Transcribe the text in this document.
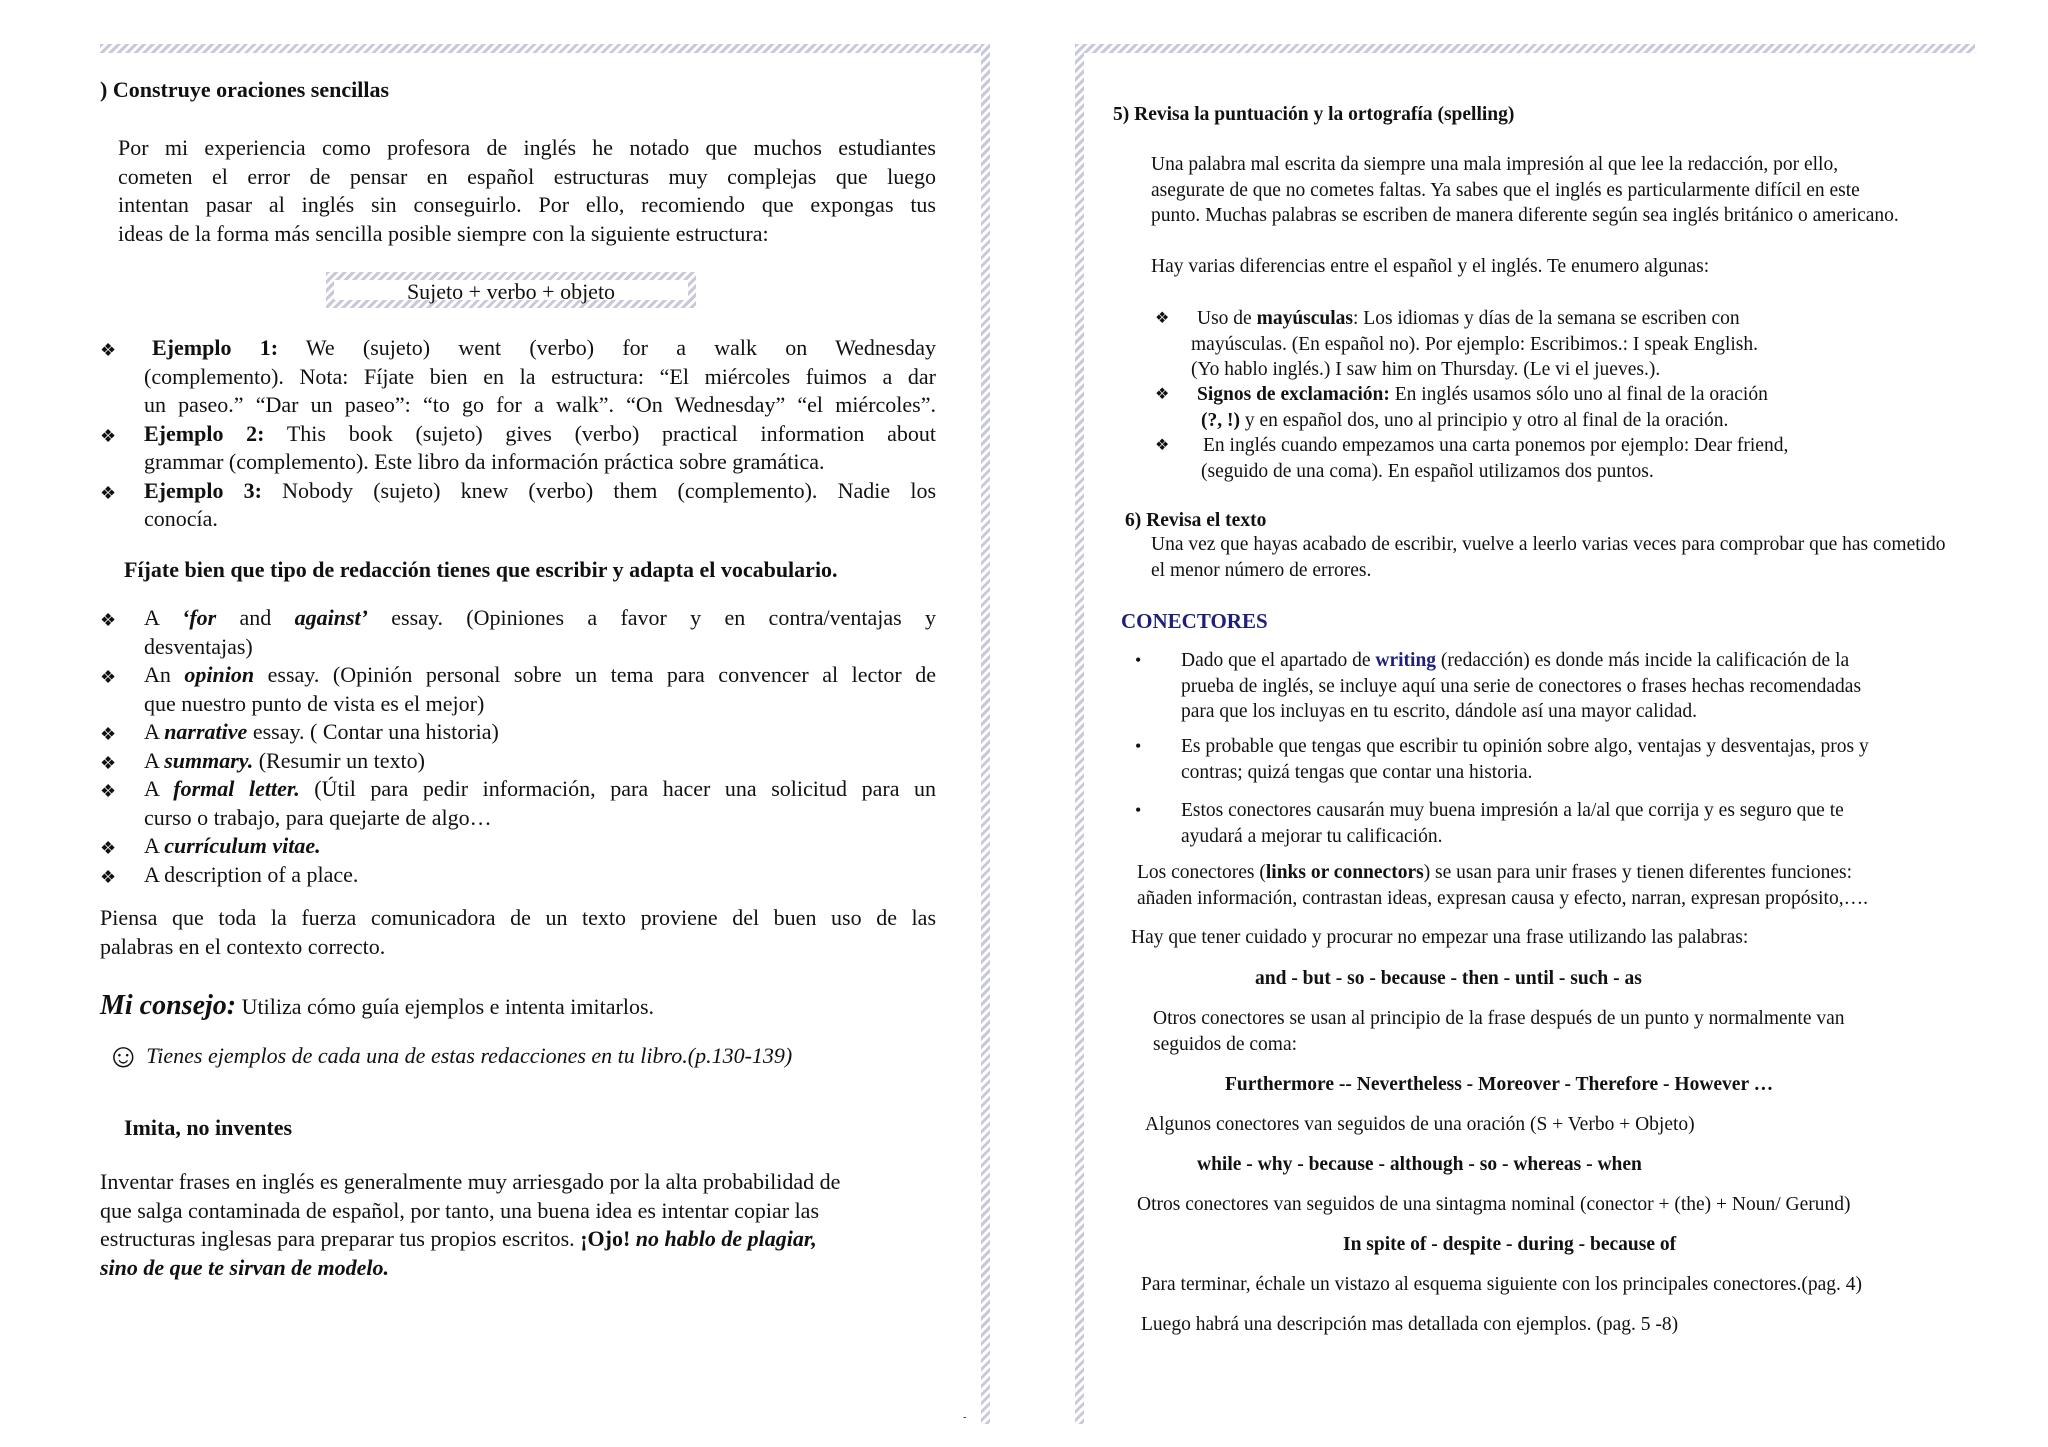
) Construye oraciones sencillas
Por mi experiencia como profesora de inglés he notado que muchos estudiantes
cometen el error de pensar en español estructuras muy complejas que luego
intentan pasar al inglés sin conseguirlo. Por ello, recomiendo que expongas tus
ideas de la forma más sencilla posible siempre con la siguiente estructura:
Sujeto + verbo + objeto
❖	Ejemplo 1: We (sujeto) went (verbo) for a walk on Wednesday
(complemento). Nota: Fíjate bien en la estructura: “El miércoles fuimos a dar
un paseo.” “Dar un paseo”: “to go for a walk”. “On Wednesday” “el miércoles”.
❖ Ejemplo 2: This book (sujeto) gives (verbo) practical information about
grammar (complemento). Este libro da información práctica sobre gramática.
❖ Ejemplo 3: Nobody (sujeto) knew (verbo) them (complemento). Nadie los
conocía.
Fíjate bien que tipo de redacción tienes que escribir y adapta el vocabulario.
❖ A ‘for and against’ essay. (Opiniones a favor y en contra/ventajas y
desventajas)
❖ An opinion essay. (Opinión personal sobre un tema para convencer al lector de
que nuestro punto de vista es el mejor)
❖ A narrative essay. ( Contar una historia)
❖ A summary. (Resumir un texto)
❖ A formal letter. (Útil para pedir información, para hacer una solicitud para un
curso o trabajo, para quejarte de algo…
❖ A currículum vitae.
❖ A description of a place.
Piensa que toda la fuerza comunicadora de un texto proviene del buen uso de las
palabras en el contexto correcto.
Mi consejo: Utiliza cómo guía ejemplos e intenta imitarlos.
☺ Tienes ejemplos de cada una de estas redacciones en tu libro.(p.130-139)
Imita, no inventes
Inventar frases en inglés es generalmente muy arriesgado por la alta probabilidad de
que salga contaminada de español, por tanto, una buena idea es intentar copiar las
estructuras inglesas para preparar tus propios escritos. ¡Ojo! no hablo de plagiar,
sino de que te sirvan de modelo.
-
5) Revisa la puntuación y la ortografía (spelling)
Una palabra mal escrita da siempre una mala impresión al que lee la redacción, por ello,
asegurate de que no cometes faltas. Ya sabes que el inglés es particularmente difícil en este
punto. Muchas palabras se escriben de manera diferente según sea inglés británico o americano.
Hay varias diferencias entre el español y el inglés. Te enumero algunas:
❖ Uso de mayúsculas: Los idiomas y días de la semana se escriben con
mayúsculas. (En español no). Por ejemplo: Escribimos.: I speak English.
(Yo hablo inglés.) I saw him on Thursday. (Le vi el jueves.).
❖ Signos de exclamación: En inglés usamos sólo uno al final de la oración
(?, !) y en español dos, uno al principio y otro al final de la oración.
❖ En inglés cuando empezamos una carta ponemos por ejemplo: Dear friend,
(seguido de una coma). En español utilizamos dos puntos.
6) Revisa el texto
Una vez que hayas acabado de escribir, vuelve a leerlo varias veces para comprobar que has cometido
el menor número de errores.
CONECTORES
• Dado que el apartado de writing (redacción) es donde más incide la calificación de la
prueba de inglés, se incluye aquí una serie de conectores o frases hechas recomendadas
para que los incluyas en tu escrito, dándole así una mayor calidad.
• Es probable que tengas que escribir tu opinión sobre algo, ventajas y desventajas, pros y
contras; quizá tengas que contar una historia.
• Estos conectores causarán muy buena impresión a la/al que corrija y es seguro que te
ayudará a mejorar tu calificación.
Los conectores (links or connectors) se usan para unir frases y tienen diferentes funciones:
añaden información, contrastan ideas, expresan causa y efecto, narran, expresan propósito,….
Hay que tener cuidado y procurar no empezar una frase utilizando las palabras:
and - but - so - because - then - until - such - as
Otros conectores se usan al principio de la frase después de un punto y normalmente van
seguidos de coma:
Furthermore -- Nevertheless - Moreover - Therefore - However …
Algunos conectores van seguidos de una oración (S + Verbo + Objeto)
while - why - because - although - so - whereas - when
Otros conectores van seguidos de una sintagma nominal (conector + (the) + Noun/ Gerund)
In spite of - despite - during - because of
Para terminar, échale un vistazo al esquema siguiente con los principales conectores.(pag. 4)
Luego habrá una descripción mas detallada con ejemplos. (pag. 5 -8)
